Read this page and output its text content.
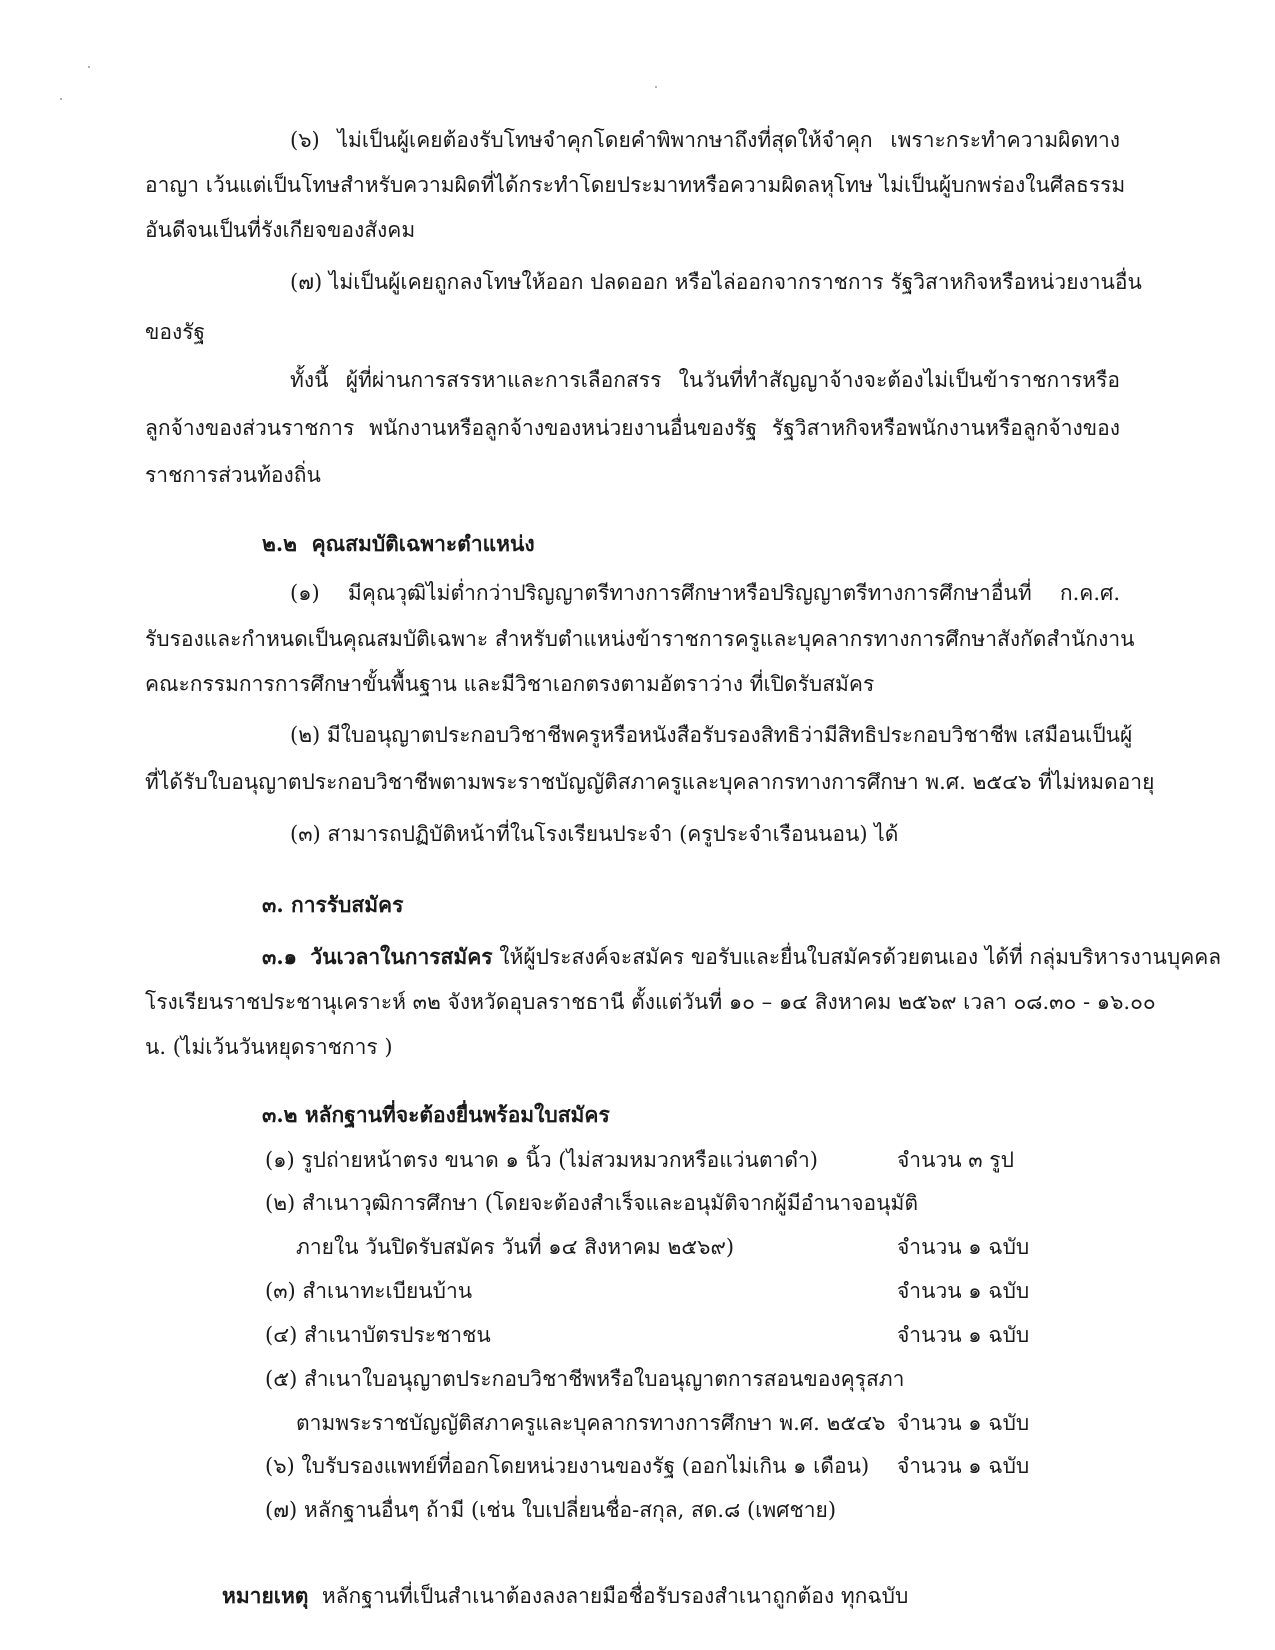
(๖) ไม่เป็นผู้เคยต้องรับโทษจำคุกโดยคำพิพากษาถึงที่สุดให้จำคุก เพราะกระทำความผิดทาง
อาญา เว้นแต่เป็นโทษสำหรับความผิดที่ได้กระทำโดยประมาทหรือความผิดลหุโทษ ไม่เป็นผู้บกพร่องในศีลธรรม
อันดีจนเป็นที่รังเกียจของสังคม
(๗) ไม่เป็นผู้เคยถูกลงโทษให้ออก ปลดออก หรือไล่ออกจากราชการ รัฐวิสาหกิจหรือหน่วยงานอื่น
ของรัฐ
ทั้งนี้ ผู้ที่ผ่านการสรรหาและการเลือกสรร ในวันที่ทำสัญญาจ้างจะต้องไม่เป็นข้าราชการหรือ
ลูกจ้างของส่วนราชการ พนักงานหรือลูกจ้างของหน่วยงานอื่นของรัฐ รัฐวิสาหกิจหรือพนักงานหรือลูกจ้างของ
ราชการส่วนท้องถิ่น
๒.๒ คุณสมบัติเฉพาะตำแหน่ง
(๑) มีคุณวุฒิไม่ต่ำกว่าปริญญาตรีทางการศึกษาหรือปริญญาตรีทางการศึกษาอื่นที่ ก.ค.ศ.
รับรองและกำหนดเป็นคุณสมบัติเฉพาะ สำหรับตำแหน่งข้าราชการครูและบุคลากรทางการศึกษาสังกัดสำนักงาน
คณะกรรมการการศึกษาขั้นพื้นฐาน และมีวิชาเอกตรงตามอัตราว่าง ที่เปิดรับสมัคร
(๒) มีใบอนุญาตประกอบวิชาชีพครูหรือหนังสือรับรองสิทธิว่ามีสิทธิประกอบวิชาชีพ เสมือนเป็นผู้
ที่ได้รับใบอนุญาตประกอบวิชาชีพตามพระราชบัญญัติสภาครูและบุคลากรทางการศึกษา พ.ศ. ๒๕๔๖ ที่ไม่หมดอายุ
(๓) สามารถปฏิบัติหน้าที่ในโรงเรียนประจำ (ครูประจำเรือนนอน) ได้
๓. การรับสมัคร
๓.๑ วันเวลาในการสมัคร ให้ผู้ประสงค์จะสมัคร ขอรับและยื่นใบสมัครด้วยตนเอง ได้ที่ กลุ่มบริหารงานบุคคล
โรงเรียนราชประชานุเคราะห์ ๓๒ จังหวัดอุบลราชธานี ตั้งแต่วันที่ ๑๐ – ๑๔ สิงหาคม ๒๕๖๙ เวลา ๐๘.๓๐ - ๑๖.๐๐
น. (ไม่เว้นวันหยุดราชการ )
๓.๒ หลักฐานที่จะต้องยื่นพร้อมใบสมัคร
(๑) รูปถ่ายหน้าตรง ขนาด ๑ นิ้ว (ไม่สวมหมวกหรือแว่นตาดำ)	จำนวน ๓ รูป
(๒) สำเนาวุฒิการศึกษา (โดยจะต้องสำเร็จและอนุมัติจากผู้มีอำนาจอนุมัติ
ภายใน วันปิดรับสมัคร วันที่ ๑๔ สิงหาคม ๒๕๖๙)	จำนวน ๑ ฉบับ
(๓) สำเนาทะเบียนบ้าน	จำนวน ๑ ฉบับ
(๔) สำเนาบัตรประชาชน	จำนวน ๑ ฉบับ
(๕) สำเนาใบอนุญาตประกอบวิชาชีพหรือใบอนุญาตการสอนของคุรุสภา
ตามพระราชบัญญัติสภาครูและบุคลากรทางการศึกษา พ.ศ. ๒๕๔๖ จำนวน ๑ ฉบับ
(๖) ใบรับรองแพทย์ที่ออกโดยหน่วยงานของรัฐ (ออกไม่เกิน ๑ เดือน) จำนวน ๑ ฉบับ
(๗) หลักฐานอื่นๆ ถ้ามี (เช่น ใบเปลี่ยนชื่อ-สกุล, สด.๘ (เพศชาย)
หมายเหตุ หลักฐานที่เป็นสำเนาต้องลงลายมือชื่อรับรองสำเนาถูกต้อง ทุกฉบับ
